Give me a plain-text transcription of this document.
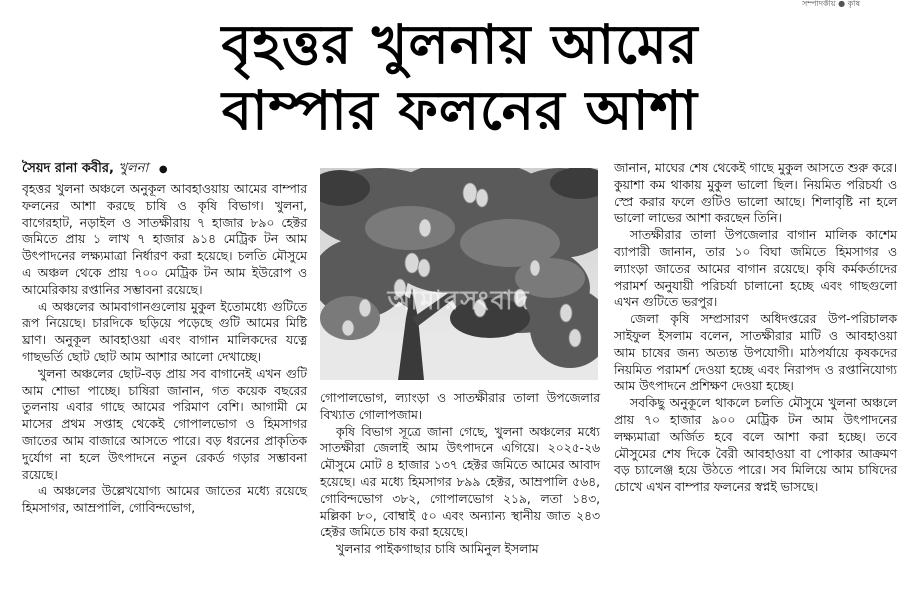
সম্পাদকীয় ● কৃষি
বৃহত্তর খুলনায় আমের
বাম্পার ফলনের আশা
সৈয়দ রানা কবীর, খুলনা ●

বৃহত্তর খুলনা অঞ্চলে অনুকূল আবহাওয়ায় আমের বাম্পার ফলনের আশা করছে চাষি ও কৃষি বিভাগ। খুলনা, বাগেরহাট, নড়াইল ও সাতক্ষীরায় ৭ হাজার ৮৯০ হেক্টর জমিতে প্রায় ১ লাখ ৭ হাজার ৯১৪ মেট্রিক টন আম উৎপাদনের লক্ষ্যমাত্রা নির্ধারণ করা হয়েছে। চলতি মৌসুমে এ অঞ্চল থেকে প্রায় ৭০০ মেট্রিক টন আম ইউরোপ ও আমেরিকায় রপ্তানির সম্ভাবনা রয়েছে।

এ অঞ্চলের আমবাগানগুলোয় মুকুল ইতোমধ্যে গুটিতে রূপ নিয়েছে। চারদিকে ছড়িয়ে পড়েছে গুটি আমের মিষ্টি ঘ্রাণ। অনুকূল আবহাওয়া এবং বাগান মালিকদের যত্নে গাছভর্তি ছোট ছোট আম আশার আলো দেখাচ্ছে।

খুলনা অঞ্চলের ছোট-বড় প্রায় সব বাগানেই এখন গুটি আম শোভা পাচ্ছে। চাষিরা জানান, গত কয়েক বছরের তুলনায় এবার গাছে আমের পরিমাণ বেশি। আগামী মে মাসের প্রথম সপ্তাহ থেকেই গোপালভোগ ও হিমসাগর জাতের আম বাজারে আসতে পারে। বড় ধরনের প্রাকৃতিক দুর্যোগ না হলে উৎপাদনে নতুন রেকর্ড গড়ার সম্ভাবনা রয়েছে।

এ অঞ্চলের উল্লেখযোগ্য আমের জাতের মধ্যে রয়েছে হিমসাগর, আম্রপালি, গোবিন্দভোগ,

আমারসংবাদ

গোপালভোগ, ল্যাংড়া ও সাতক্ষীরার তালা উপজেলার বিখ্যাত গোলাপজাম।

কৃষি বিভাগ সূত্রে জানা গেছে, খুলনা অঞ্চলের মধ্যে সাতক্ষীরা জেলাই আম উৎপাদনে এগিয়ে। ২০২৫-২৬ মৌসুমে মোট ৪ হাজার ১৩৭ হেক্টর জমিতে আমের আবাদ হয়েছে। এর মধ্যে হিমসাগর ৮৯৯ হেক্টর, আম্রপালি ৫৬৪, গোবিন্দভোগ ৩৮২, গোপালভোগ ২১৯, লতা ১৪৩, মল্লিকা ৮০, বোম্বাই ৫০ এবং অন্যান্য স্থানীয় জাত ২৪৩ হেক্টর জমিতে চাষ করা হয়েছে।

খুলনার পাইকগাছার চাষি আমিনুল ইসলাম

জানান, মাঘের শেষ থেকেই গাছে মুকুল আসতে শুরু করে। কুয়াশা কম থাকায় মুকুল ভালো ছিল। নিয়মিত পরিচর্যা ও স্প্রে করার ফলে গুটিও ভালো আছে। শিলাবৃষ্টি না হলে ভালো লাভের আশা করছেন তিনি।

সাতক্ষীরার তালা উপজেলার বাগান মালিক কাশেম ব্যাপারী জানান, তার ১০ বিঘা জমিতে হিমসাগর ও ল্যাংড়া জাতের আমের বাগান রয়েছে। কৃষি কর্মকর্তাদের পরামর্শ অনুযায়ী পরিচর্যা চালানো হচ্ছে এবং গাছগুলো এখন গুটিতে ভরপুর।

জেলা কৃষি সম্প্রসারণ অধিদপ্তরের উপ-পরিচালক সাইফুল ইসলাম বলেন, সাতক্ষীরার মাটি ও আবহাওয়া আম চাষের জন্য অত্যন্ত উপযোগী। মাঠপর্যায়ে কৃষকদের নিয়মিত পরামর্শ দেওয়া হচ্ছে এবং নিরাপদ ও রপ্তানিযোগ্য আম উৎপাদনে প্রশিক্ষণ দেওয়া হচ্ছে।

সবকিছু অনুকূলে থাকলে চলতি মৌসুমে খুলনা অঞ্চলে প্রায় ৭০ হাজার ৯০০ মেট্রিক টন আম উৎপাদনের লক্ষ্যমাত্রা অর্জিত হবে বলে আশা করা হচ্ছে। তবে মৌসুমের শেষ দিকে বৈরী আবহাওয়া বা পোকার আক্রমণ বড় চ্যালেঞ্জ হয়ে উঠতে পারে। সব মিলিয়ে আম চাষিদের চোখে এখন বাম্পার ফলনের স্বপ্নই ভাসছে।
